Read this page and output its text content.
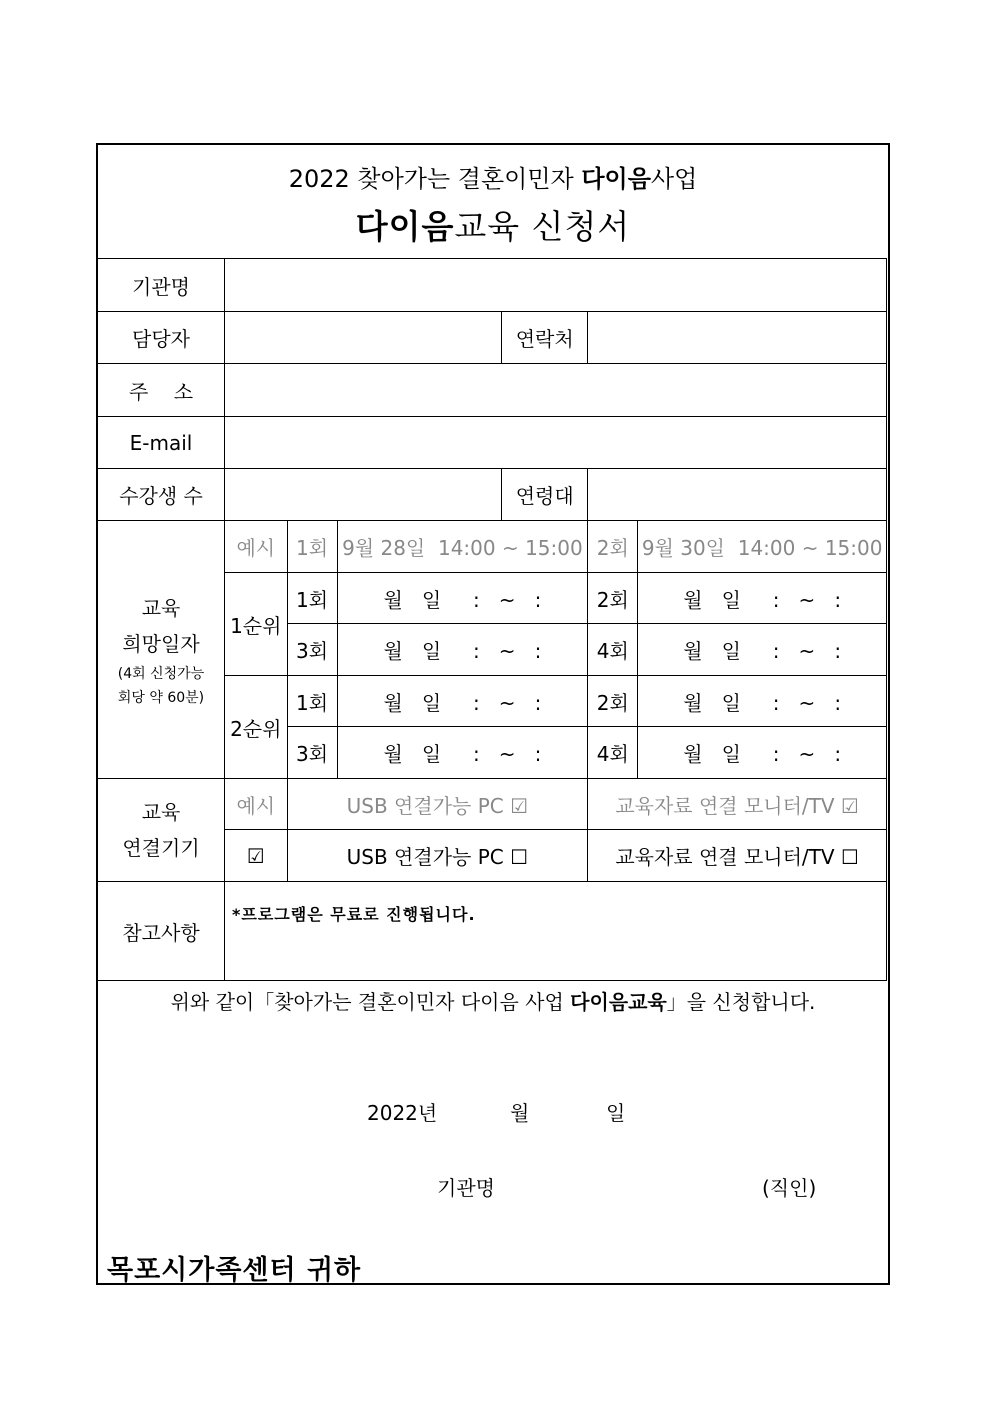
2022 찾아가는 결혼이민자 다이음사업
다이음교육 신청서
기관명						
담당자				연락처		
주    소						
E-mail						
수강생 수				연령대		

교육
희망일자
(4회 신청가능
회당 약 60분)	예시	1회	9월 28일  14:00 ~ 15:00		2회	9월 30일  14:00 ~ 15:00
	1순위	1회	월   일     :   ~   :		2회	월   일     :   ~   :
		3회	월   일     :   ~   :		4회	월   일     :   ~   :
	2순위	1회	월   일     :   ~   :		2회	월   일     :   ~   :
		3회	월   일     :   ~   :		4회	월   일     :   ~   :

교육
연결기기	예시	USB 연결가능 PC ☑			교육자료 연결 모니터/TV ☑	
	☑	USB 연결가능 PC ☐			교육자료 연결 모니터/TV ☐	
참고사항	*프로그램은 무료로 진행됩니다.					
위와 같이「찾아가는 결혼이민자 다이음 사업 다이음교육」을 신청합니다.
2022년	월	일
기관명	(직인)
목포시가족센터 귀하
